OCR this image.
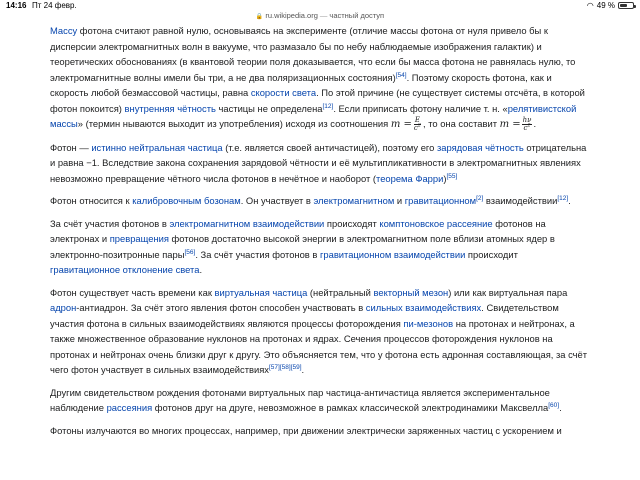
14:16 Пт 24 февр.	◠ 49 %
🔒 ru.wikipedia.org — частный доступ

Массу фотона считают равной нулю, основываясь на эксперименте (отличие массы фотона от нуля привело бы к дисперсии электромагнитных волн в вакууме, что размазало бы по небу наблюдаемые изображения галактик) и теоретических обоснованиях (в квантовой теории поля доказывается, что если бы масса фотона не равнялась нулю, то электромагнитные волны имели бы три, а не два поляризационных состояния)[54]. Поэтому скорость фотона, как и скорость любой безмассовой частицы, равна скорости света. По этой причине (не существует системы отсчёта, в которой фотон покоится) внутренняя чётность частицы не определена[12]. Если приписать фотону наличие т. н. «релятивистской массы» (термин нываются выходит из употребления) исходя из соотношения $m = \frac{E}{c^2}$ , то она составит $m = \frac{h\nu}{c^2}$ .

Фотон — истинно нейтральная частица (т.е. является своей античастицей), поэтому его зарядовая чётность отрицательна и равна −1. Вследствие закона сохранения зарядовой чётности и её мультипликативности в электромагнитных явлениях невозможно превращение чётного числа фотонов в нечётное и наоборот (теорема Фарри)[55]

Фотон относится к калибровочным бозонам. Он участвует в электромагнитном и гравитационном[2] взаимодействии[12].

За счёт участия фотонов в электромагнитном взаимодействии происходят комптоновское рассеяние фотонов на электронах и превращения фотонов достаточно высокой энергии в электромагнитном поле вблизи атомных ядер в электронно-позитронные пары[56]. За счёт участия фотонов в гравитационном взаимодействии происходит гравитационное отклонение света.

Фотон существует часть времени как виртуальная частица (нейтральный векторный мезон) или как виртуальная пара адрон-антиадрон. За счёт этого явления фотон способен участвовать в сильных взаимодействиях. Свидетельством участия фотона в сильных взаимодействиях являются процессы фоторождения пи-мезонов на протонах и нейтронах, а также множественное образование нуклонов на протонах и ядрах. Сечения процессов фоторождения нуклонов на протонах и нейтронах очень близки друг к другу. Это объясняется тем, что у фотона есть адронная составляющая, за счёт чего фотон участвует в сильных взаимодействиях[57][58][59].

Другим свидетельством рождения фотонами виртуальных пар частица-античастица является экспериментальное наблюдение рассеяния фотонов друг на друге, невозможное в рамках классической электродинамики Максвелла[60].

Фотоны излучаются во многих процессах, например, при движении электрически заряженных частиц с ускорением и
